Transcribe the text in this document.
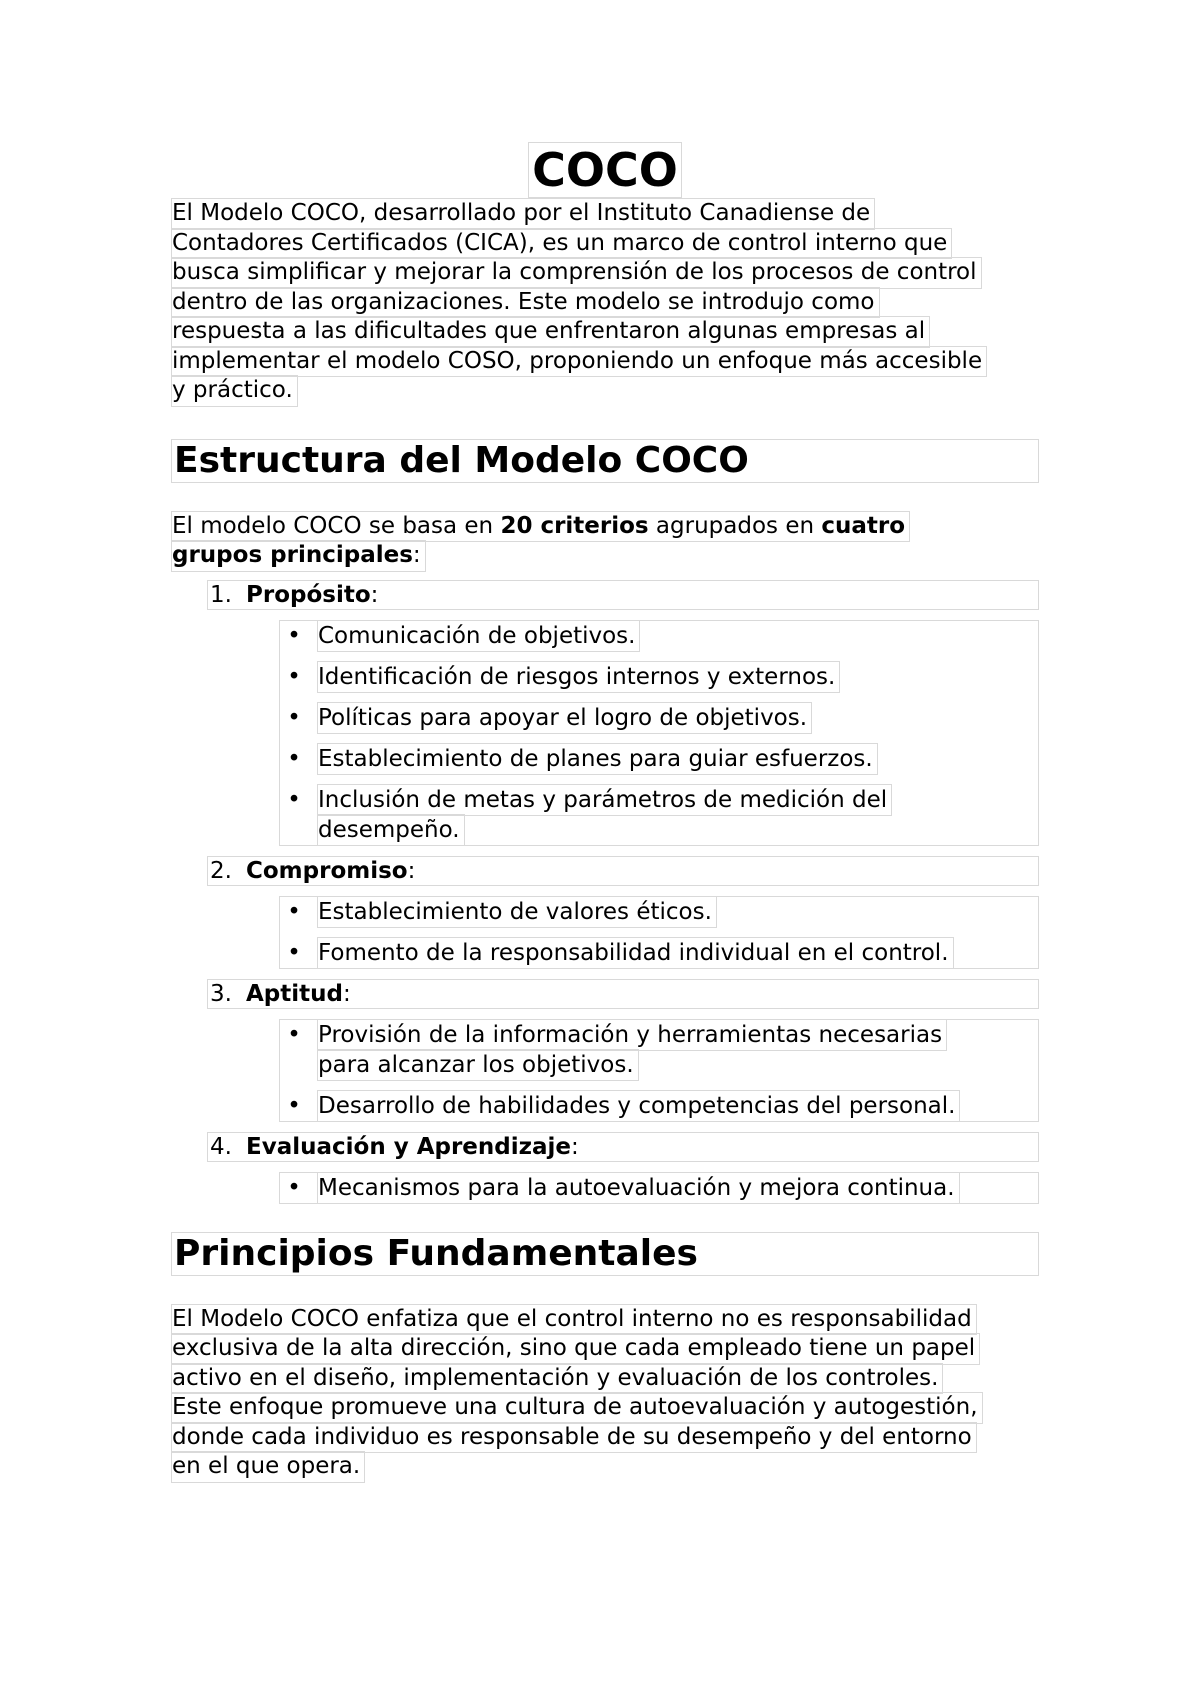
COCO

El Modelo COCO, desarrollado por el Instituto Canadiense de
Contadores Certificados (CICA), es un marco de control interno que
busca simplificar y mejorar la comprensión de los procesos de control
dentro de las organizaciones. Este modelo se introdujo como
respuesta a las dificultades que enfrentaron algunas empresas al
implementar el modelo COSO, proponiendo un enfoque más accesible
y práctico.

Estructura del Modelo COCO

El modelo COCO se basa en 20 criterios agrupados en cuatro
grupos principales:

1. Propósito:
• Comunicación de objetivos.
• Identificación de riesgos internos y externos.
• Políticas para apoyar el logro de objetivos.
• Establecimiento de planes para guiar esfuerzos.
• Inclusión de metas y parámetros de medición del
desempeño.
2. Compromiso:
• Establecimiento de valores éticos.
• Fomento de la responsabilidad individual en el control.
3. Aptitud:
• Provisión de la información y herramientas necesarias
para alcanzar los objetivos.
• Desarrollo de habilidades y competencias del personal.
4. Evaluación y Aprendizaje:
• Mecanismos para la autoevaluación y mejora continua.
Principios Fundamentales

El Modelo COCO enfatiza que el control interno no es responsabilidad
exclusiva de la alta dirección, sino que cada empleado tiene un papel
activo en el diseño, implementación y evaluación de los controles.
Este enfoque promueve una cultura de autoevaluación y autogestión,
donde cada individuo es responsable de su desempeño y del entorno
en el que opera.
